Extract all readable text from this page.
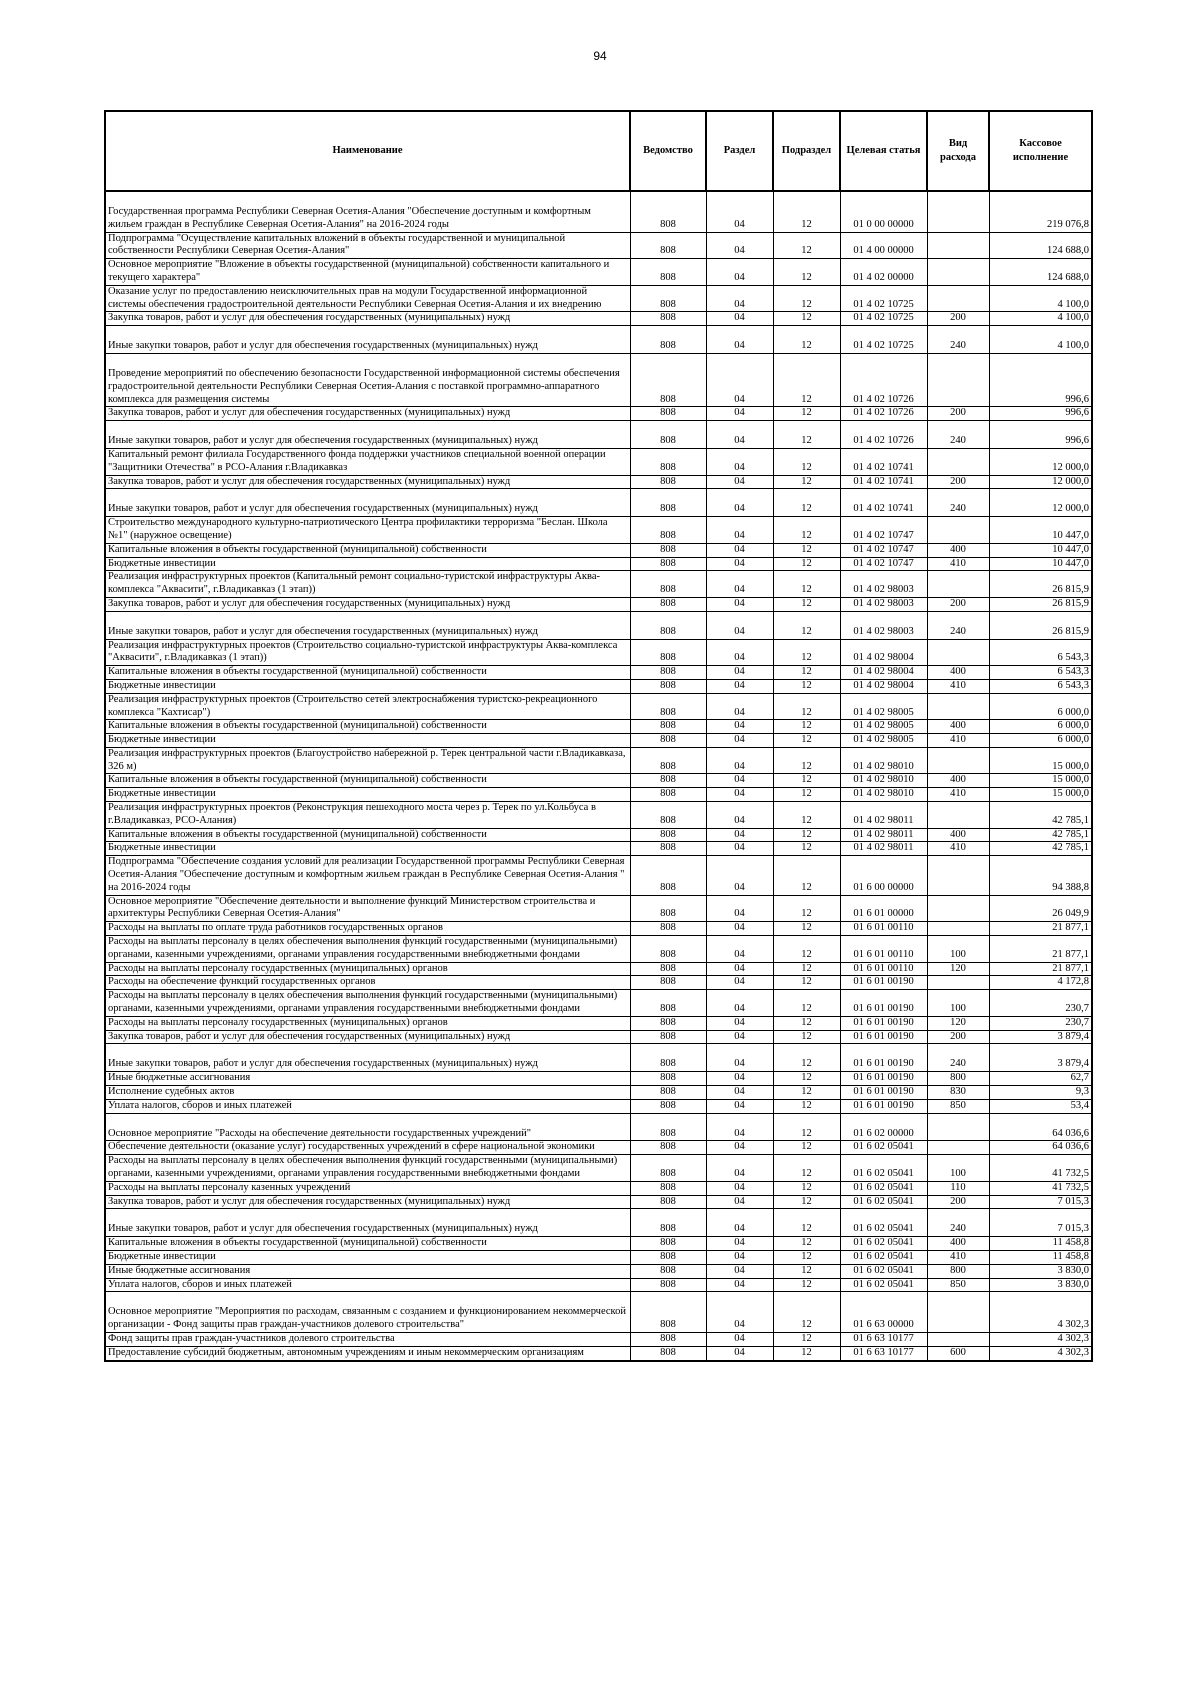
94
Наименование	Ведомство	Раздел	Подраздел	Целевая статья	Вид расхода	Кассовое исполнение
Государственная программа Республики Северная Осетия-Алания "Обеспечение доступным и комфортным жильем граждан в Республике Северная Осетия-Алания" на 2016-2024 годы	808	04	12	01 0 00 00000		219 076,8
Подпрограмма "Осуществление капитальных вложений в объекты государственной и муниципальной собственности Республики Северная Осетия-Алания"	808	04	12	01 4 00 00000		124 688,0
Основное мероприятие "Вложение в объекты государственной (муниципальной) собственности капитального и текущего характера"	808	04	12	01 4 02 00000		124 688,0
Оказание услуг по предоставлению неисключительных прав на модули Государственной информационной системы обеспечения градостроительной деятельности Республики Северная Осетия-Алания и их внедрению	808	04	12	01 4 02 10725		4 100,0
Закупка товаров, работ и услуг для обеспечения государственных (муниципальных) нужд	808	04	12	01 4 02 10725	200	4 100,0
Иные закупки товаров, работ и услуг для обеспечения государственных (муниципальных) нужд	808	04	12	01 4 02 10725	240	4 100,0
Проведение мероприятий по обеспечению безопасности Государственной информационной системы обеспечения градостроительной деятельности Республики Северная Осетия-Алания с поставкой программно-аппаратного комплекса для размещения системы	808	04	12	01 4 02 10726		996,6
Закупка товаров, работ и услуг для обеспечения государственных (муниципальных) нужд	808	04	12	01 4 02 10726	200	996,6
Иные закупки товаров, работ и услуг для обеспечения государственных (муниципальных) нужд	808	04	12	01 4 02 10726	240	996,6
Капитальный ремонт филиала Государственного фонда поддержки участников специальной военной операции "Защитники Отечества" в РСО-Алания г.Владикавказ	808	04	12	01 4 02 10741		12 000,0
Закупка товаров, работ и услуг для обеспечения государственных (муниципальных) нужд	808	04	12	01 4 02 10741	200	12 000,0
Иные закупки товаров, работ и услуг для обеспечения государственных (муниципальных) нужд	808	04	12	01 4 02 10741	240	12 000,0
Строительство международного культурно-патриотического Центра профилактики терроризма "Беслан. Школа №1" (наружное освещение)	808	04	12	01 4 02 10747		10 447,0
Капитальные вложения в объекты государственной (муниципальной) собственности	808	04	12	01 4 02 10747	400	10 447,0
Бюджетные инвестиции	808	04	12	01 4 02 10747	410	10 447,0
Реализация инфраструктурных проектов (Капитальный ремонт социально-туристской инфраструктуры Аква-комплекса "Аквасити", г.Владикавказ (1 этап))	808	04	12	01 4 02 98003		26 815,9
Закупка товаров, работ и услуг для обеспечения государственных (муниципальных) нужд	808	04	12	01 4 02 98003	200	26 815,9
Иные закупки товаров, работ и услуг для обеспечения государственных (муниципальных) нужд	808	04	12	01 4 02 98003	240	26 815,9
Реализация инфраструктурных проектов (Строительство социально-туристской инфраструктуры Аква-комплекса "Аквасити", г.Владикавказ (1 этап))	808	04	12	01 4 02 98004		6 543,3
Капитальные вложения в объекты государственной (муниципальной) собственности	808	04	12	01 4 02 98004	400	6 543,3
Бюджетные инвестиции	808	04	12	01 4 02 98004	410	6 543,3
Реализация инфраструктурных проектов (Строительство сетей электроснабжения туристско-рекреационного комплекса "Кахтисар")	808	04	12	01 4 02 98005		6 000,0
Капитальные вложения в объекты государственной (муниципальной) собственности	808	04	12	01 4 02 98005	400	6 000,0
Бюджетные инвестиции	808	04	12	01 4 02 98005	410	6 000,0
Реализация инфраструктурных проектов (Благоустройство набережной р. Терек центральной части г.Владикавказа, 326 м)	808	04	12	01 4 02 98010		15 000,0
Капитальные вложения в объекты государственной (муниципальной) собственности	808	04	12	01 4 02 98010	400	15 000,0
Бюджетные инвестиции	808	04	12	01 4 02 98010	410	15 000,0
Реализация инфраструктурных проектов (Реконструкция пешеходного моста через р. Терек по ул.Кольбуса в г.Владикавказ, РСО-Алания)	808	04	12	01 4 02 98011		42 785,1
Капитальные вложения в объекты государственной (муниципальной) собственности	808	04	12	01 4 02 98011	400	42 785,1
Бюджетные инвестиции	808	04	12	01 4 02 98011	410	42 785,1
Подпрограмма "Обеспечение создания условий для реализации Государственной программы Республики Северная Осетия-Алания "Обеспечение доступным и комфортным жильем граждан в Республике Северная Осетия-Алания " на 2016-2024 годы	808	04	12	01 6 00 00000		94 388,8
Основное мероприятие "Обеспечение деятельности и выполнение функций Министерством строительства и архитектуры Республики Северная Осетия-Алания"	808	04	12	01 6 01 00000		26 049,9
Расходы на выплаты по оплате труда работников государственных органов	808	04	12	01 6 01 00110		21 877,1
Расходы на выплаты персоналу в целях обеспечения выполнения функций государственными (муниципальными) органами, казенными учреждениями, органами управления государственными внебюджетными фондами	808	04	12	01 6 01 00110	100	21 877,1
Расходы на выплаты персоналу государственных (муниципальных) органов	808	04	12	01 6 01 00110	120	21 877,1
Расходы на обеспечение функций государственных органов	808	04	12	01 6 01 00190		4 172,8
Расходы на выплаты персоналу в целях обеспечения выполнения функций государственными (муниципальными) органами, казенными учреждениями, органами управления государственными внебюджетными фондами	808	04	12	01 6 01 00190	100	230,7
Расходы на выплаты персоналу государственных (муниципальных) органов	808	04	12	01 6 01 00190	120	230,7
Закупка товаров, работ и услуг для обеспечения государственных (муниципальных) нужд	808	04	12	01 6 01 00190	200	3 879,4
Иные закупки товаров, работ и услуг для обеспечения государственных (муниципальных) нужд	808	04	12	01 6 01 00190	240	3 879,4
Иные бюджетные ассигнования	808	04	12	01 6 01 00190	800	62,7
Исполнение судебных актов	808	04	12	01 6 01 00190	830	9,3
Уплата налогов, сборов и иных платежей	808	04	12	01 6 01 00190	850	53,4
Основное мероприятие "Расходы на обеспечение деятельности государственных учреждений"	808	04	12	01 6 02 00000		64 036,6
Обеспечение деятельности (оказание услуг) государственных учреждений в сфере национальной экономики	808	04	12	01 6 02 05041		64 036,6
Расходы на выплаты персоналу в целях обеспечения выполнения функций государственными (муниципальными) органами, казенными учреждениями, органами управления государственными внебюджетными фондами	808	04	12	01 6 02 05041	100	41 732,5
Расходы на выплаты персоналу казенных учреждений	808	04	12	01 6 02 05041	110	41 732,5
Закупка товаров, работ и услуг для обеспечения государственных (муниципальных) нужд	808	04	12	01 6 02 05041	200	7 015,3
Иные закупки товаров, работ и услуг для обеспечения государственных (муниципальных) нужд	808	04	12	01 6 02 05041	240	7 015,3
Капитальные вложения в объекты государственной (муниципальной) собственности	808	04	12	01 6 02 05041	400	11 458,8
Бюджетные инвестиции	808	04	12	01 6 02 05041	410	11 458,8
Иные бюджетные ассигнования	808	04	12	01 6 02 05041	800	3 830,0
Уплата налогов, сборов и иных платежей	808	04	12	01 6 02 05041	850	3 830,0
Основное мероприятие "Мероприятия по расходам, связанным с созданием и функционированием некоммерческой организации - Фонд защиты прав граждан-участников долевого строительства"	808	04	12	01 6 63 00000		4 302,3
Фонд защиты прав граждан-участников долевого строительства	808	04	12	01 6 63 10177		4 302,3
Предоставление субсидий бюджетным, автономным учреждениям и иным некоммерческим организациям	808	04	12	01 6 63 10177	600	4 302,3
